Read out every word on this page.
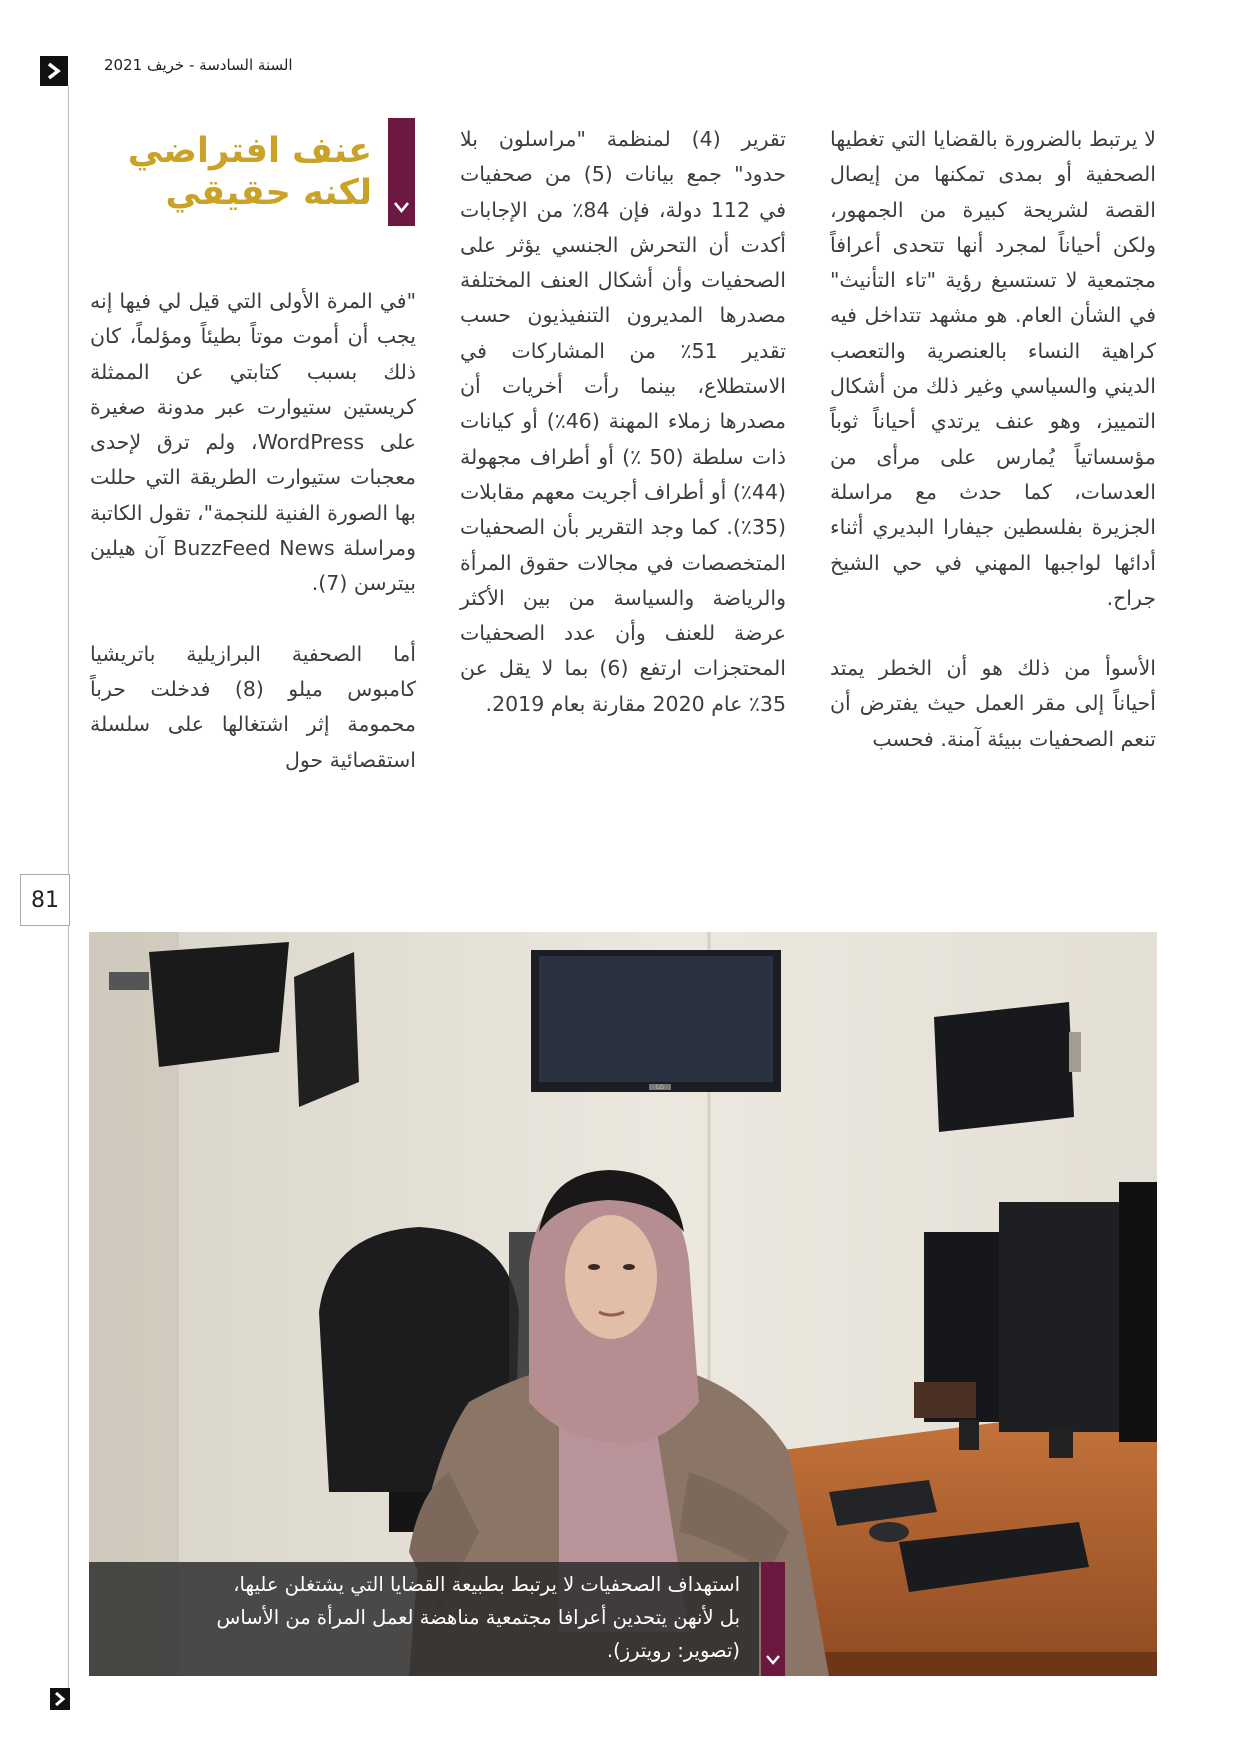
السنة السادسة - خريف 2021
81
عنف افتراضي
لكنه حقيقي

لا يرتبط بالضرورة بالقضايا التي تغطيها الصحفية أو بمدى تمكنها من إيصال القصة لشريحة كبيرة من الجمهور، ولكن أحياناً لمجرد أنها تتحدى أعرافاً مجتمعية لا تستسيغ رؤية "تاء التأنيث" في الشأن العام. هو مشهد تتداخل فيه كراهية النساء بالعنصرية والتعصب الديني والسياسي وغير ذلك من أشكال التمييز، وهو عنف يرتدي أحياناً ثوباً مؤسساتياً يُمارس على مرأى من العدسات، كما حدث مع مراسلة الجزيرة بفلسطين جيفارا البديري أثناء أدائها لواجبها المهني في حي الشيخ جراح.

الأسوأ من ذلك هو أن الخطر يمتد أحياناً إلى مقر العمل حيث يفترض أن تنعم الصحفيات ببيئة آمنة. فحسب

تقرير (4) لمنظمة "مراسلون بلا حدود" جمع بيانات (5) من صحفيات في 112 دولة، فإن 84٪ من الإجابات أكدت أن التحرش الجنسي يؤثر على الصحفيات وأن أشكال العنف المختلفة مصدرها المديرون التنفيذيون حسب تقدير 51٪ من المشاركات في الاستطلاع، بينما رأت أخريات أن مصدرها زملاء المهنة (46٪) أو كيانات ذات سلطة (50 ٪) أو أطراف مجهولة (44٪) أو أطراف أجريت معهم مقابلات (35٪). كما وجد التقرير بأن الصحفيات المتخصصات في مجالات حقوق المرأة والرياضة والسياسة من بين الأكثر عرضة للعنف وأن عدد الصحفيات المحتجزات ارتفع (6) بما لا يقل عن 35٪ عام 2020 مقارنة بعام 2019.

"في المرة الأولى التي قيل لي فيها إنه يجب أن أموت موتاً بطيئاً ومؤلماً، كان ذلك بسبب كتابتي عن الممثلة كريستين ستيوارت عبر مدونة صغيرة على WordPress، ولم ترق لإحدى معجبات ستيوارت الطريقة التي حللت بها الصورة الفنية للنجمة"، تقول الكاتبة ومراسلة BuzzFeed News آن هيلين بيترسن (7).

أما الصحفية البرازيلية باتريشيا كامبوس ميلو (8) فدخلت حرباً محمومة إثر اشتغالها على سلسلة استقصائية حول

LG
استهداف الصحفيات لا يرتبط بطبيعة القضايا التي يشتغلن عليها،
بل لأنهن يتحدين أعرافا مجتمعية مناهضة لعمل المرأة من الأساس
(تصوير: رويترز).
